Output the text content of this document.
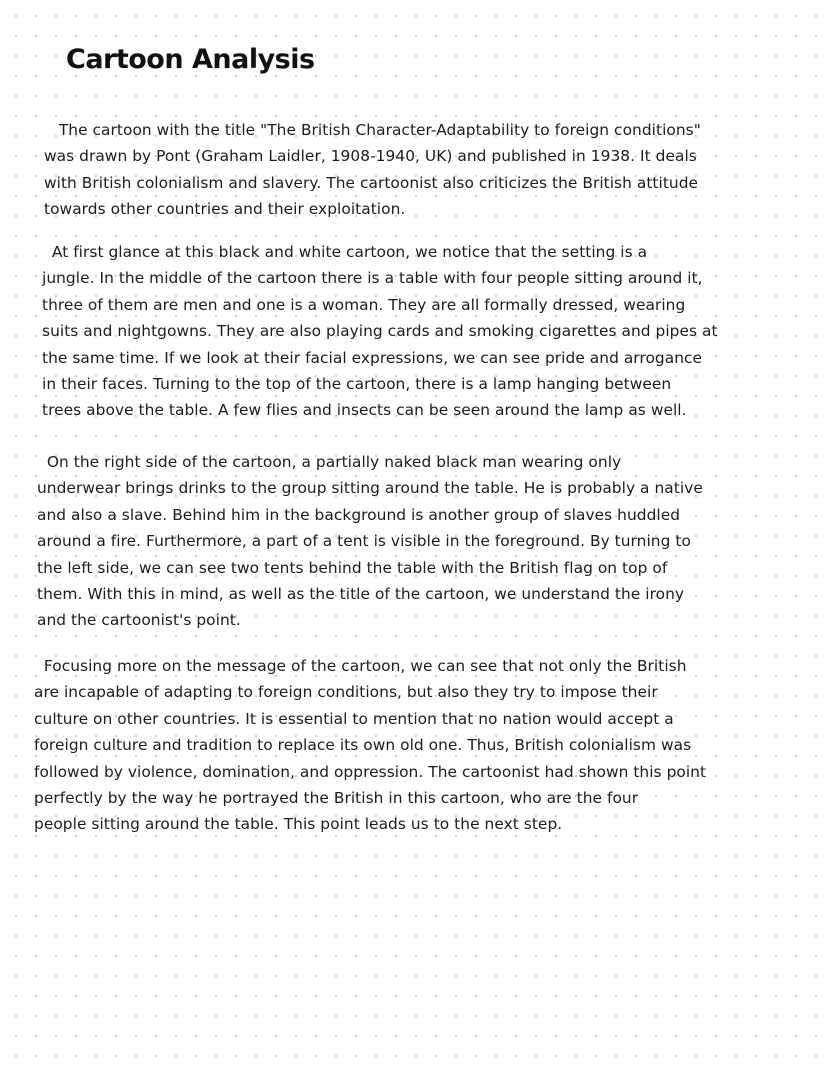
Cartoon Analysis
The cartoon with the title "The British Character-Adaptability to foreign conditions"
was drawn by Pont (Graham Laidler, 1908-1940, UK) and published in 1938. It deals
with British colonialism and slavery. The cartoonist also criticizes the British attitude
towards other countries and their exploitation.
At first glance at this black and white cartoon, we notice that the setting is a
jungle. In the middle of the cartoon there is a table with four people sitting around it,
three of them are men and one is a woman. They are all formally dressed, wearing
suits and nightgowns. They are also playing cards and smoking cigarettes and pipes at
the same time. If we look at their facial expressions, we can see pride and arrogance
in their faces. Turning to the top of the cartoon, there is a lamp hanging between
trees above the table. A few flies and insects can be seen around the lamp as well.
On the right side of the cartoon, a partially naked black man wearing only
underwear brings drinks to the group sitting around the table. He is probably a native
and also a slave. Behind him in the background is another group of slaves huddled
around a fire. Furthermore, a part of a tent is visible in the foreground. By turning to
the left side, we can see two tents behind the table with the British flag on top of
them. With this in mind, as well as the title of the cartoon, we understand the irony
and the cartoonist's point.
Focusing more on the message of the cartoon, we can see that not only the British
are incapable of adapting to foreign conditions, but also they try to impose their
culture on other countries. It is essential to mention that no nation would accept a
foreign culture and tradition to replace its own old one. Thus, British colonialism was
followed by violence, domination, and oppression. The cartoonist had shown this point
perfectly by the way he portrayed the British in this cartoon, who are the four
people sitting around the table. This point leads us to the next step.
